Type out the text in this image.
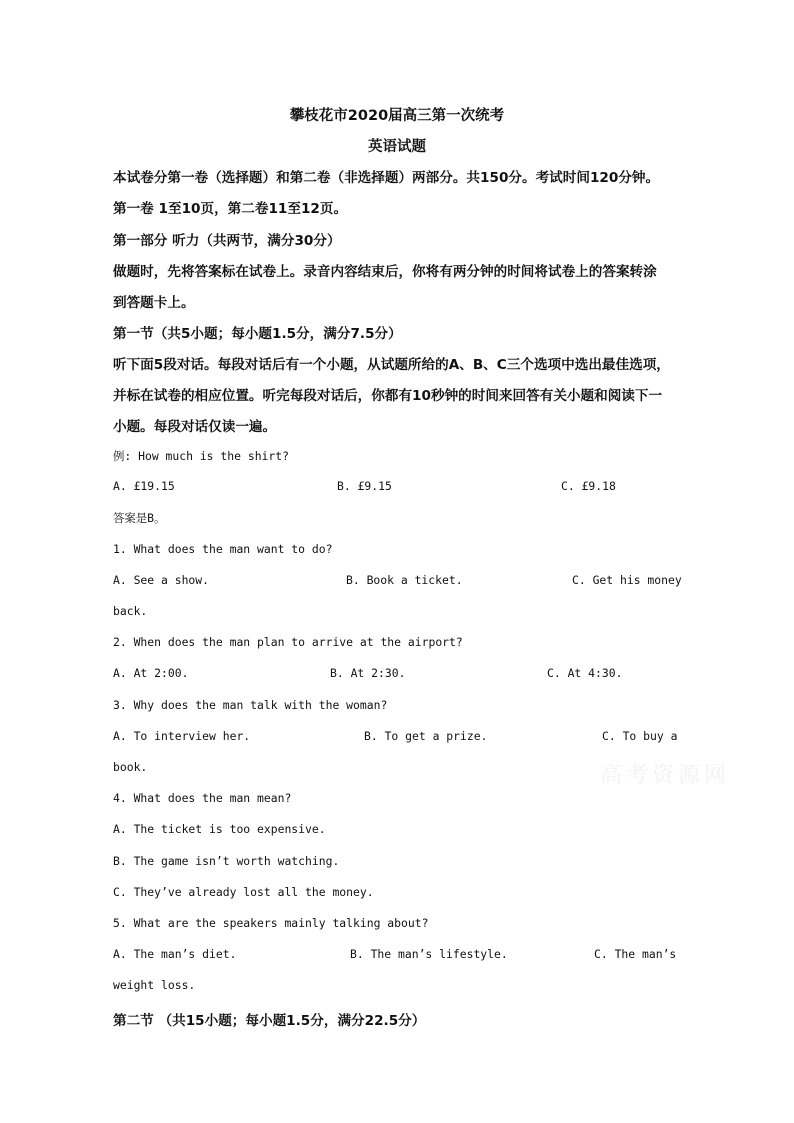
攀枝花市2020届高三第一次统考
英语试题
本试卷分第一卷（选择题）和第二卷（非选择题）两部分。共150分。考试时间120分钟。
第一卷 1至10页，第二卷11至12页。
第一部分 听力（共两节，满分30分）
做题时，先将答案标在试卷上。录音内容结束后，你将有两分钟的时间将试卷上的答案转涂
到答题卡上。
第一节（共5小题；每小题1.5分，满分7.5分）
听下面5段对话。每段对话后有一个小题，从试题所给的A、B、C三个选项中选出最佳选项，
并标在试卷的相应位置。听完每段对话后，你都有10秒钟的时间来回答有关小题和阅读下一
小题。每段对话仅读一遍。
例: How much is the shirt?
A. £19.15	B. £9.15	C. £9.18
答案是B。
1. What does the man want to do?
A. See a show.	B. Book a ticket.	C. Get his money
back.
2. When does the man plan to arrive at the airport?
A. At 2:00.	B. At 2:30.	C. At 4:30.
3. Why does the man talk with the woman?
A. To interview her.	B. To get a prize.	C. To buy a
book.
4. What does the man mean?
A. The ticket is too expensive.
B. The game isn’t worth watching.
C. They’ve already lost all the money.
5. What are the speakers mainly talking about?
A. The man’s diet.	B. The man’s lifestyle.	C. The man’s
weight loss.
第二节 （共15小题；每小题1.5分，满分22.5分）
高考资源网
